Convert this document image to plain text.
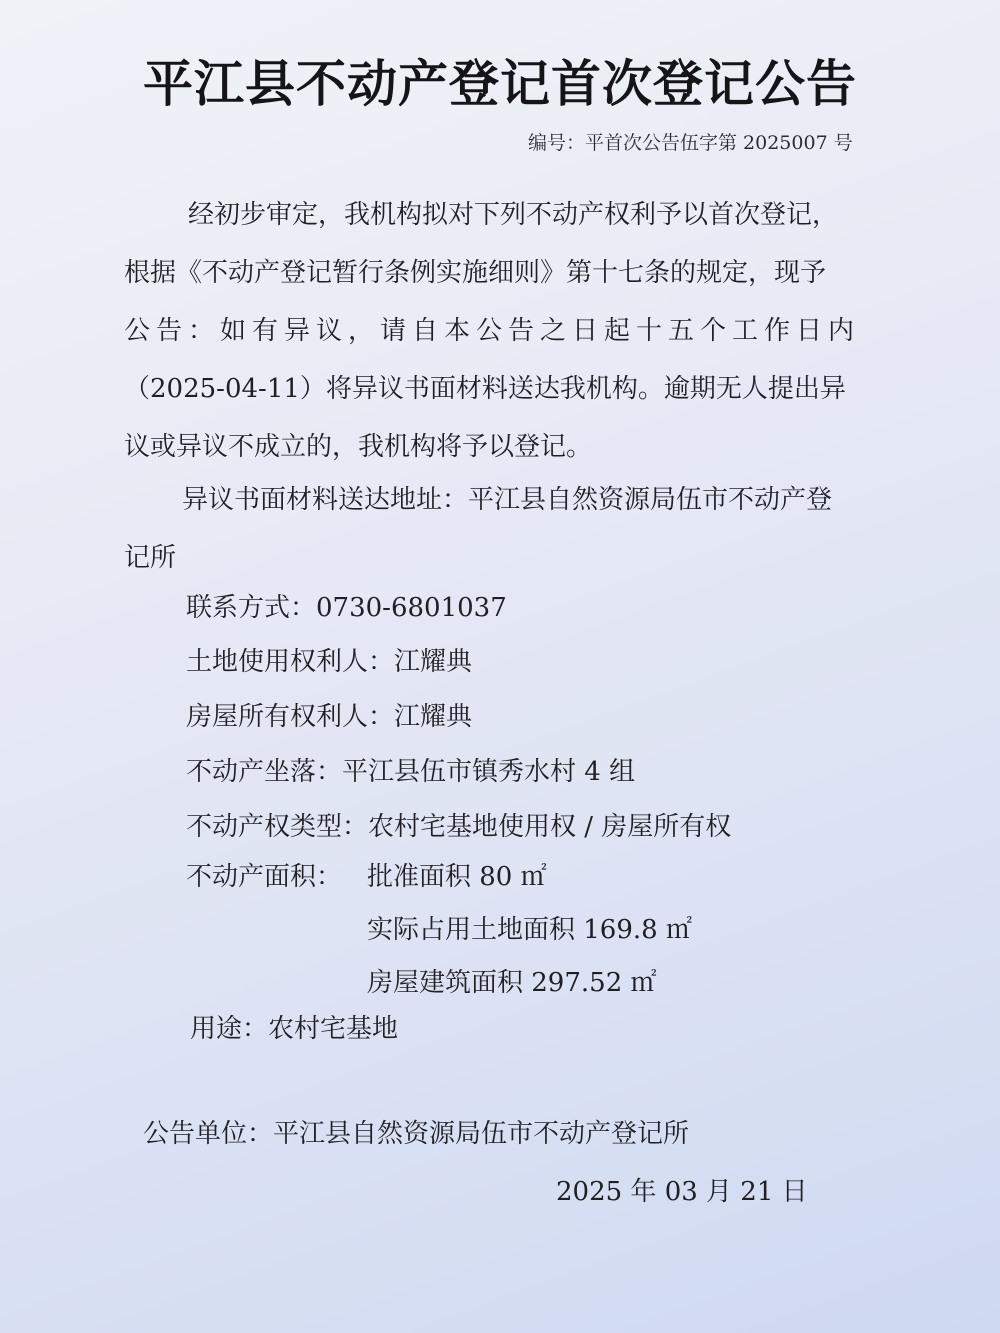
平江县不动产登记首次登记公告
编号：平首次公告伍字第 2025007 号
经初步审定，我机构拟对下列不动产权利予以首次登记，
根据《不动产登记暂行条例实施细则》第十七条的规定，现予
公告：如有异议，请自本公告之日起十五个工作日内
（2025-04-11）将异议书面材料送达我机构。逾期无人提出异
议或异议不成立的，我机构将予以登记。
异议书面材料送达地址：平江县自然资源局伍市不动产登
记所
联系方式：0730-6801037
土地使用权利人：江耀典
房屋所有权利人：江耀典
不动产坐落：平江县伍市镇秀水村 4 组
不动产权类型：农村宅基地使用权 / 房屋所有权
不动产面积： 批准面积 80 ㎡
实际占用土地面积 169.8 ㎡
房屋建筑面积 297.52 ㎡
用途：农村宅基地
公告单位：平江县自然资源局伍市不动产登记所
2025 年 03 月 21 日
